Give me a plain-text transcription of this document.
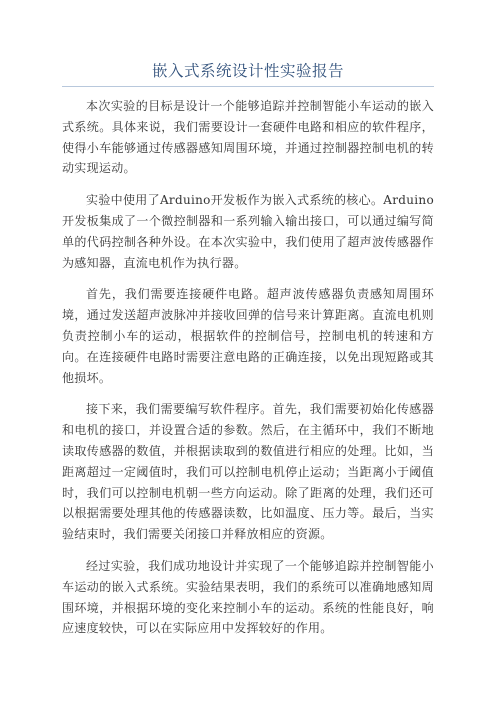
嵌入式系统设计性实验报告

本次实验的目标是设计一个能够追踪并控制智能小车运动的嵌入式系统。具体来说，我们需要设计一套硬件电路和相应的软件程序，使得小车能够通过传感器感知周围环境，并通过控制器控制电机的转动实现运动。

实验中使用了Arduino开发板作为嵌入式系统的核心。Arduino开发板集成了一个微控制器和一系列输入输出接口，可以通过编写简单的代码控制各种外设。在本次实验中，我们使用了超声波传感器作为感知器，直流电机作为执行器。

首先，我们需要连接硬件电路。超声波传感器负责感知周围环境，通过发送超声波脉冲并接收回弹的信号来计算距离。直流电机则负责控制小车的运动，根据软件的控制信号，控制电机的转速和方向。在连接硬件电路时需要注意电路的正确连接，以免出现短路或其他损坏。

接下来，我们需要编写软件程序。首先，我们需要初始化传感器和电机的接口，并设置合适的参数。然后，在主循环中，我们不断地读取传感器的数值，并根据读取到的数值进行相应的处理。比如，当距离超过一定阈值时，我们可以控制电机停止运动；当距离小于阈值时，我们可以控制电机朝一些方向运动。除了距离的处理，我们还可以根据需要处理其他的传感器读数，比如温度、压力等。最后，当实验结束时，我们需要关闭接口并释放相应的资源。

经过实验，我们成功地设计并实现了一个能够追踪并控制智能小车运动的嵌入式系统。实验结果表明，我们的系统可以准确地感知周围环境，并根据环境的变化来控制小车的运动。系统的性能良好，响应速度较快，可以在实际应用中发挥较好的作用。
